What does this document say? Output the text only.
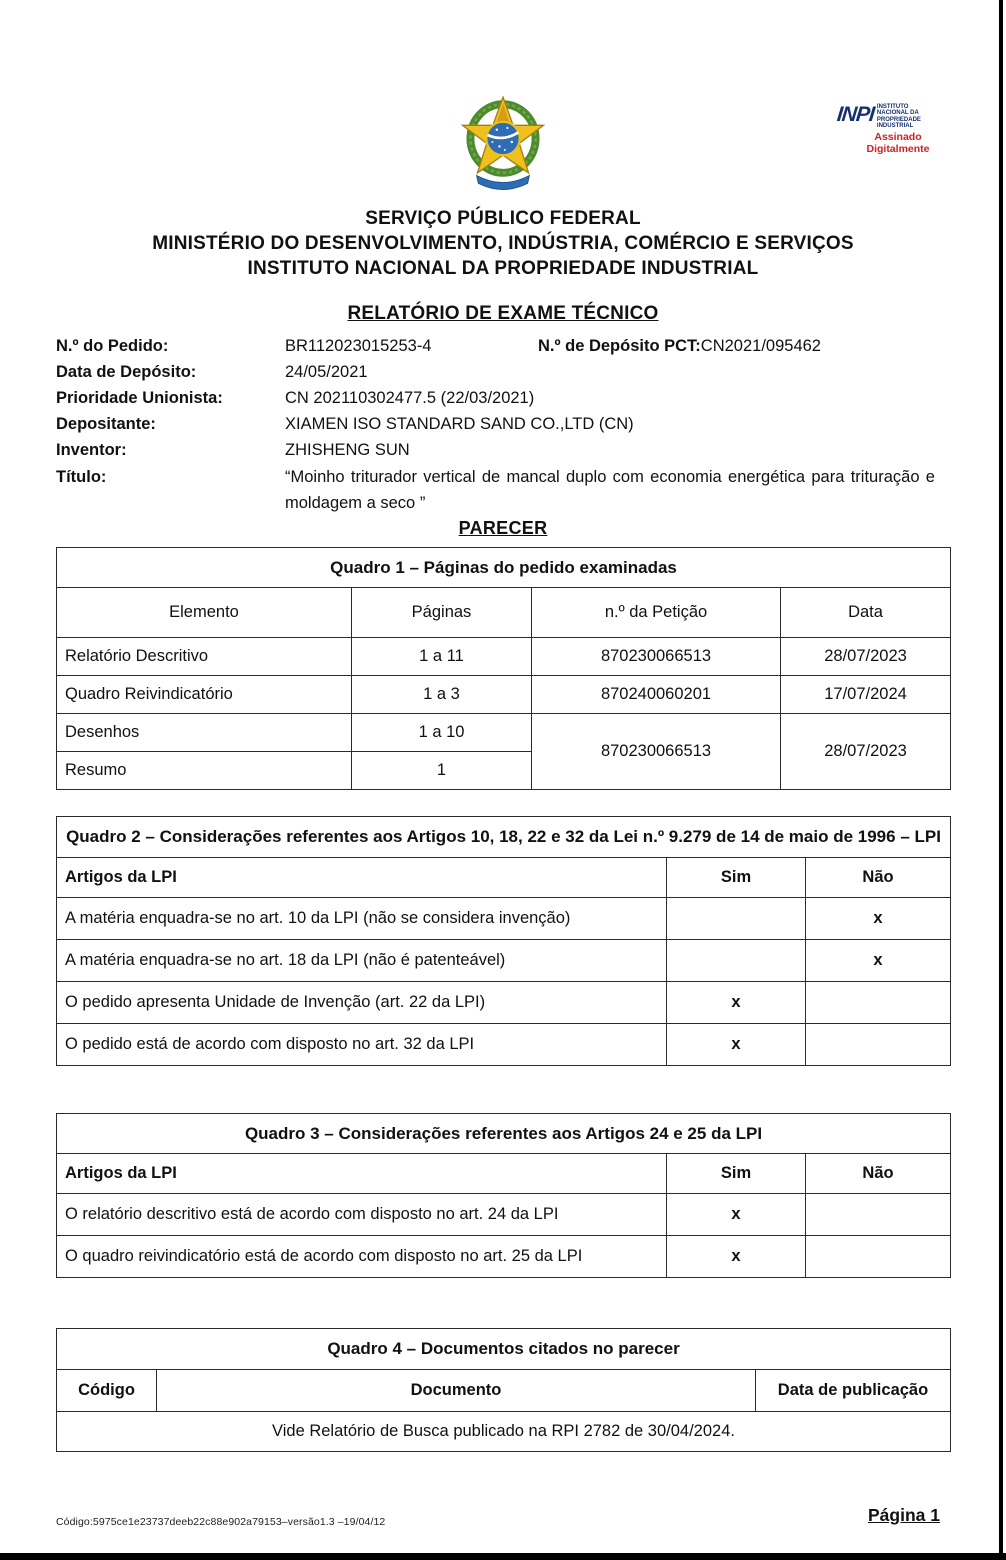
INPI INSTITUTO NACIONAL DA PROPRIEDADE INDUSTRIAL
Assinado
Digitalmente
SERVIÇO PÚBLICO FEDERAL
MINISTÉRIO DO DESENVOLVIMENTO, INDÚSTRIA, COMÉRCIO E SERVIÇOS
INSTITUTO NACIONAL DA PROPRIEDADE INDUSTRIAL
RELATÓRIO DE EXAME TÉCNICO
N.º do Pedido:	BR112023015253-4	N.º de Depósito PCT: CN2021/095462
Data de Depósito:	24/05/2021
Prioridade Unionista:	CN 202110302477.5 (22/03/2021)
Depositante:	XIAMEN ISO STANDARD SAND CO.,LTD (CN)
Inventor:	ZHISHENG SUN
Título:	“Moinho triturador vertical de mancal duplo com economia energética para trituração e moldagem a seco ”
PARECER
Quadro 1 – Páginas do pedido examinadas			
Elemento	Páginas	n.º da Petição	Data
Relatório Descritivo	1 a 11	870230066513	28/07/2023
Quadro Reivindicatório	1 a 3	870240060201	17/07/2024
Desenhos	1 a 10	870230066513	28/07/2023
Resumo	1		
Quadro 2 – Considerações referentes aos Artigos 10, 18, 22 e 32 da Lei n.º 9.279 de 14 de maio de 1996 – LPI		
Artigos da LPI	Sim	Não
A matéria enquadra-se no art. 10 da LPI (não se considera invenção)		x
A matéria enquadra-se no art. 18 da LPI (não é patenteável)		x
O pedido apresenta Unidade de Invenção (art. 22 da LPI)	x	
O pedido está de acordo com disposto no art. 32 da LPI	x	
Quadro 3 – Considerações referentes aos Artigos 24 e 25 da LPI		
Artigos da LPI	Sim	Não
O relatório descritivo está de acordo com disposto no art. 24 da LPI	x	
O quadro reivindicatório está de acordo com disposto no art. 25 da LPI	x	
Quadro 4 – Documentos citados no parecer
Código	Documento	Data de publicação
Vide Relatório de Busca publicado na RPI 2782 de 30/04/2024.
Código:5975ce1e23737deeb22c88e902a79153–versão1.3 –19/04/12	Página 1
